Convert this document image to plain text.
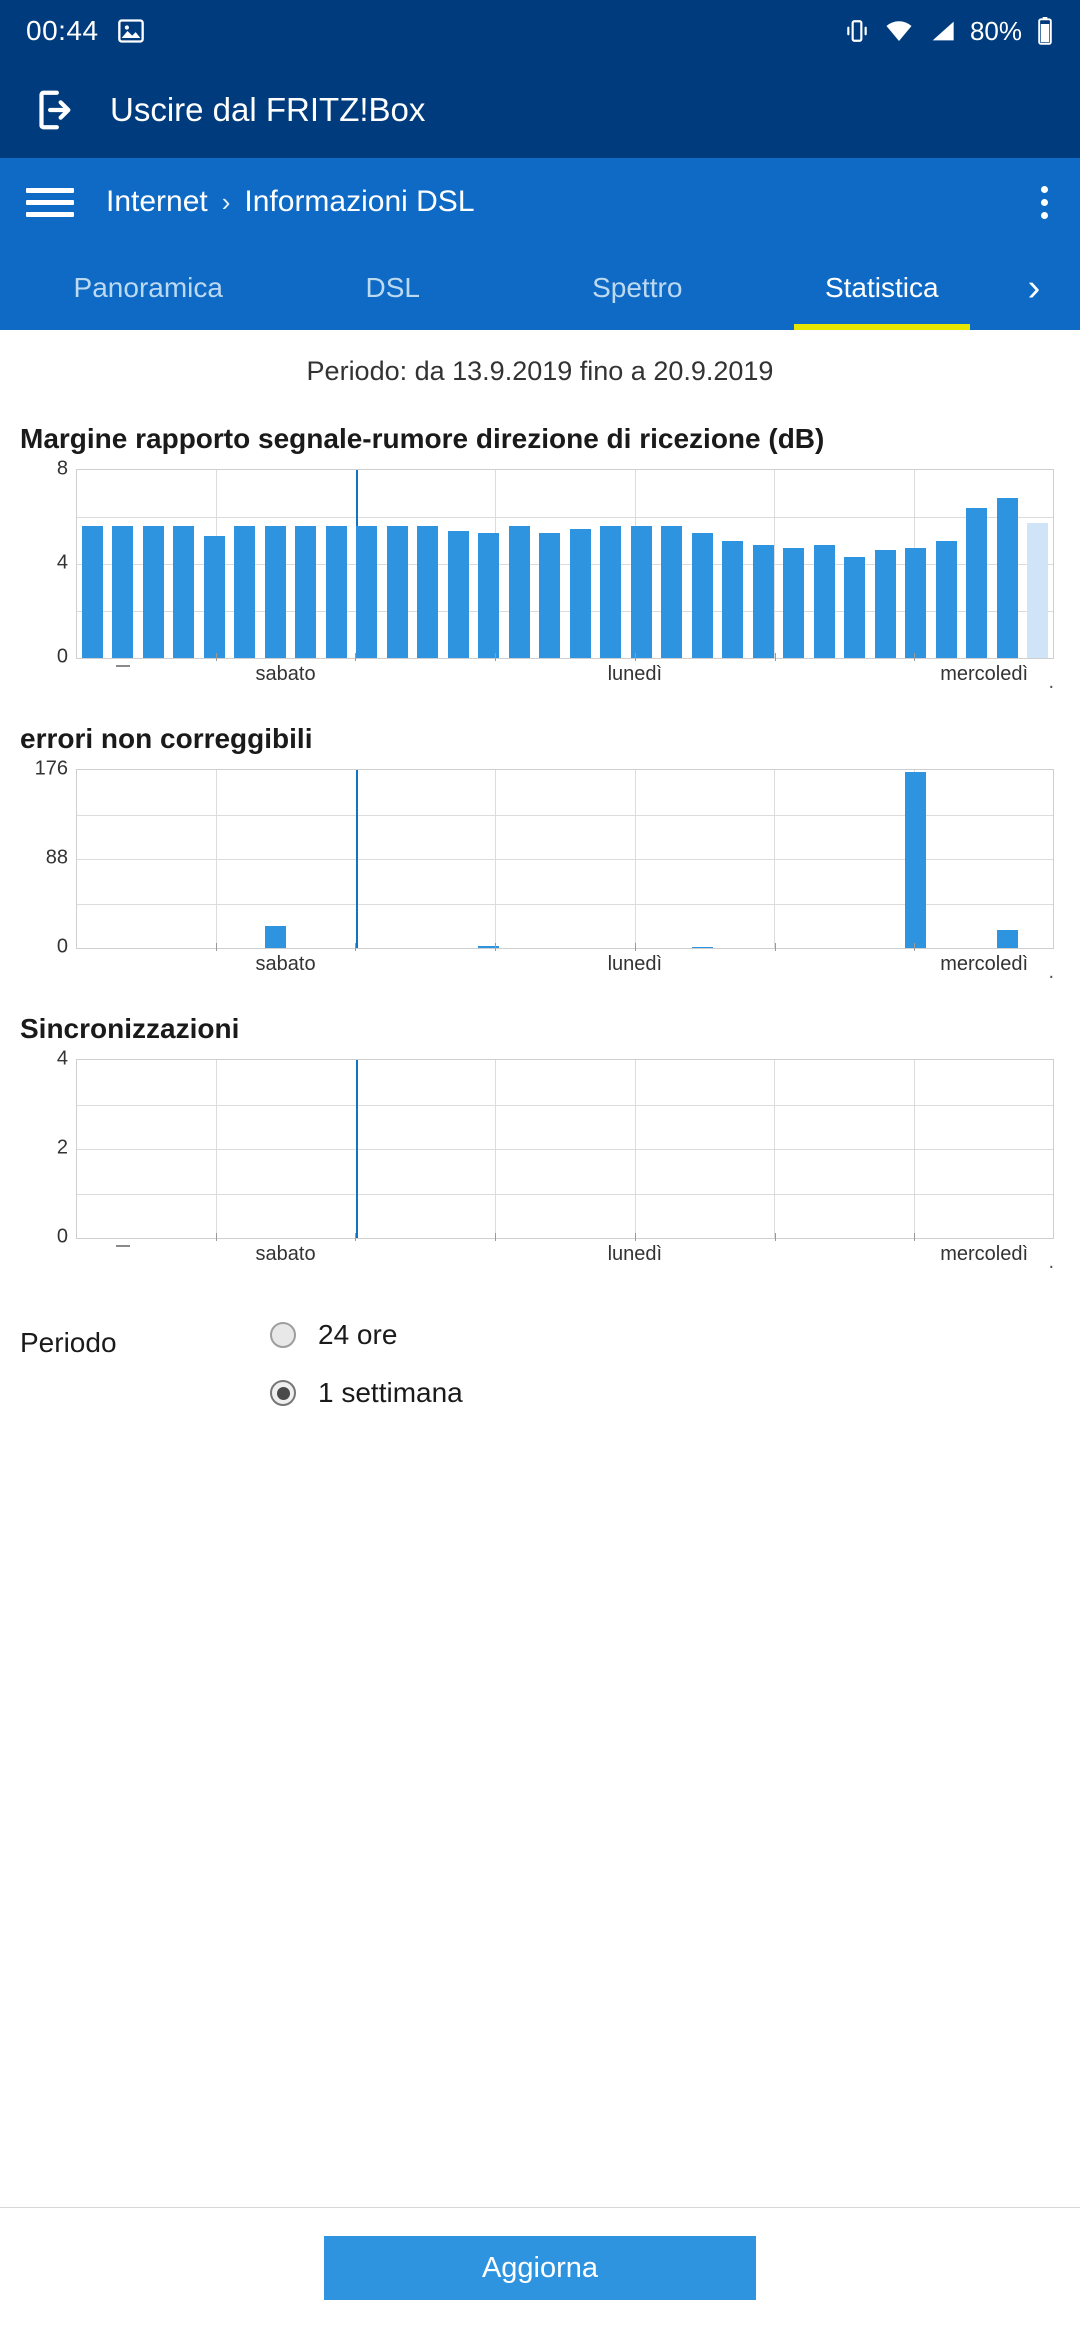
00:44	80%
Uscire dal FRITZ!Box
Internet › Informazioni DSL
Panoramica	DSL	Spettro	Statistica	›
Periodo: da 13.9.2019 fino a 20.9.2019
Margine rapporto segnale-rumore direzione di ricezione (dB)
0
4
8
.
sabato	lunedì	mercoledì
errori non correggibili
0
88
176
.
sabato	lunedì	mercoledì
Sincronizzazioni
0
2
4
.
sabato	lunedì	mercoledì
Periodo	24 ore
1 settimana
Aggiorna
